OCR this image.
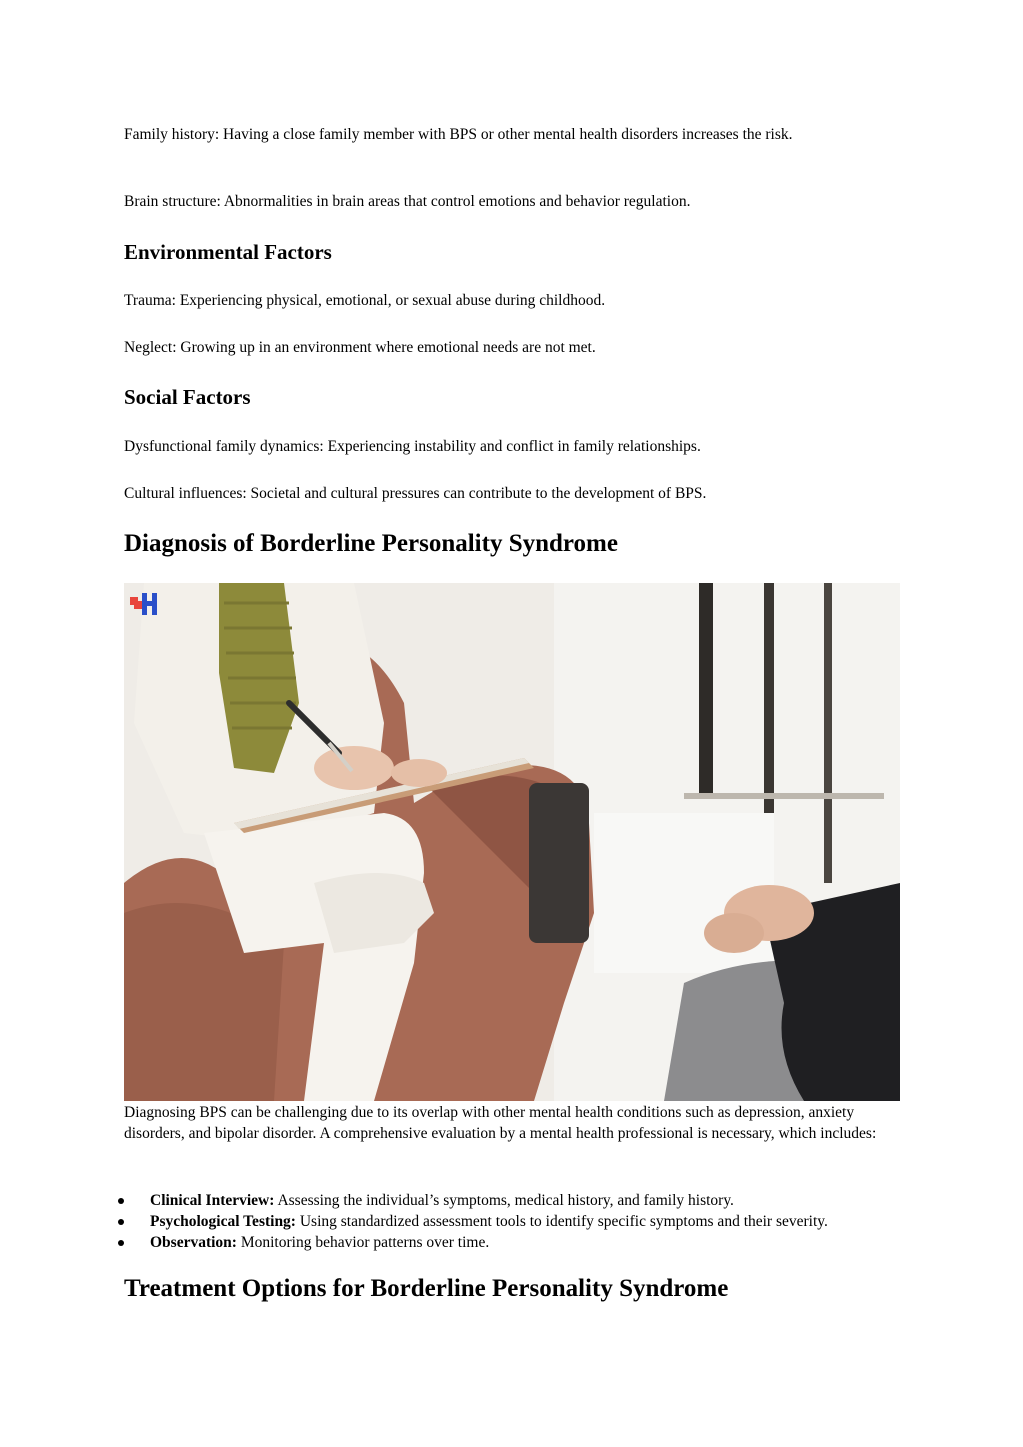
Family history: Having a close family member with BPS or other mental health disorders increases the risk.

Brain structure: Abnormalities in brain areas that control emotions and behavior regulation.

Environmental Factors

Trauma: Experiencing physical, emotional, or sexual abuse during childhood.

Neglect: Growing up in an environment where emotional needs are not met.

Social Factors

Dysfunctional family dynamics: Experiencing instability and conflict in family relationships.

Cultural influences: Societal and cultural pressures can contribute to the development of BPS.

Diagnosis of Borderline Personality Syndrome

Diagnosing BPS can be challenging due to its overlap with other mental health conditions such as depression, anxiety disorders, and bipolar disorder. A comprehensive evaluation by a mental health professional is necessary, which includes:

Clinical Interview: Assessing the individual’s symptoms, medical history, and family history.
Psychological Testing: Using standardized assessment tools to identify specific symptoms and their severity.
Observation: Monitoring behavior patterns over time.
Treatment Options for Borderline Personality Syndrome
